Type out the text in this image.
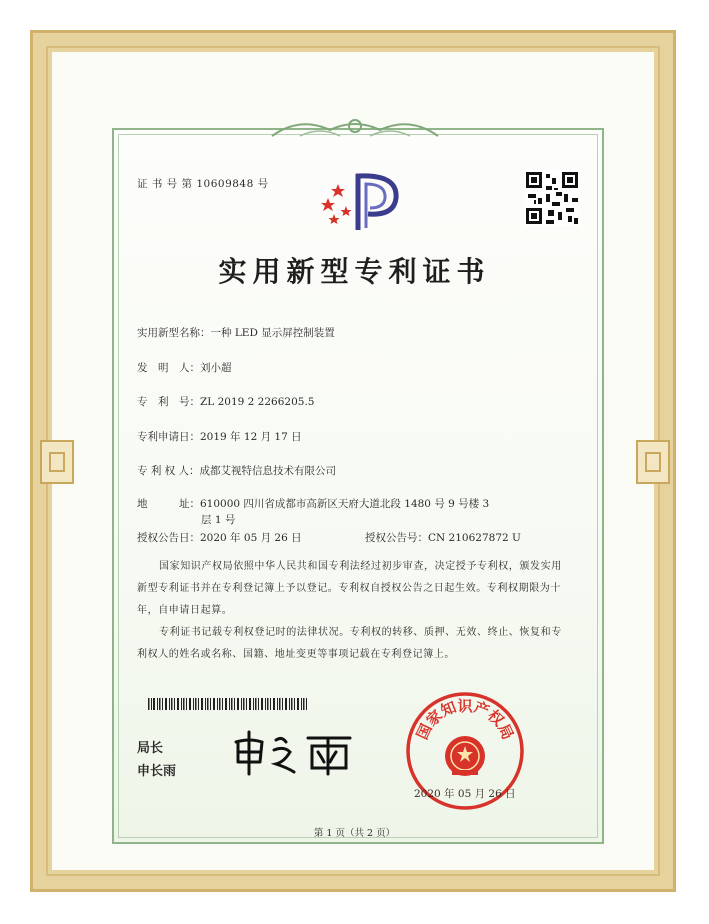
证 书 号 第 10609848 号
实用新型专利证书
实用新型名称：一种 LED 显示屏控制装置
发　明　人：刘小超
专　利　号：ZL 2019 2 2266205.5
专利申请日：2019 年 12 月 17 日
专 利 权 人：成都艾视特信息技术有限公司
地　　　址：610000 四川省成都市高新区天府大道北段 1480 号 9 号楼 3
层 1 号
授权公告日：2020 年 05 月 26 日	授权公告号：CN 210627872 U
国家知识产权局依照中华人民共和国专利法经过初步审查，决定授予专利权，颁发实用
新型专利证书并在专利登记簿上予以登记。专利权自授权公告之日起生效。专利权期限为十
年，自申请日起算。
专利证书记载专利权登记时的法律状况。专利权的转移、质押、无效、终止、恢复和专
利权人的姓名或名称、国籍、地址变更等事项记载在专利登记簿上。
局长
申长雨
国家知识产权局
2020 年 05 月 26 日
第 1 页（共 2 页）
